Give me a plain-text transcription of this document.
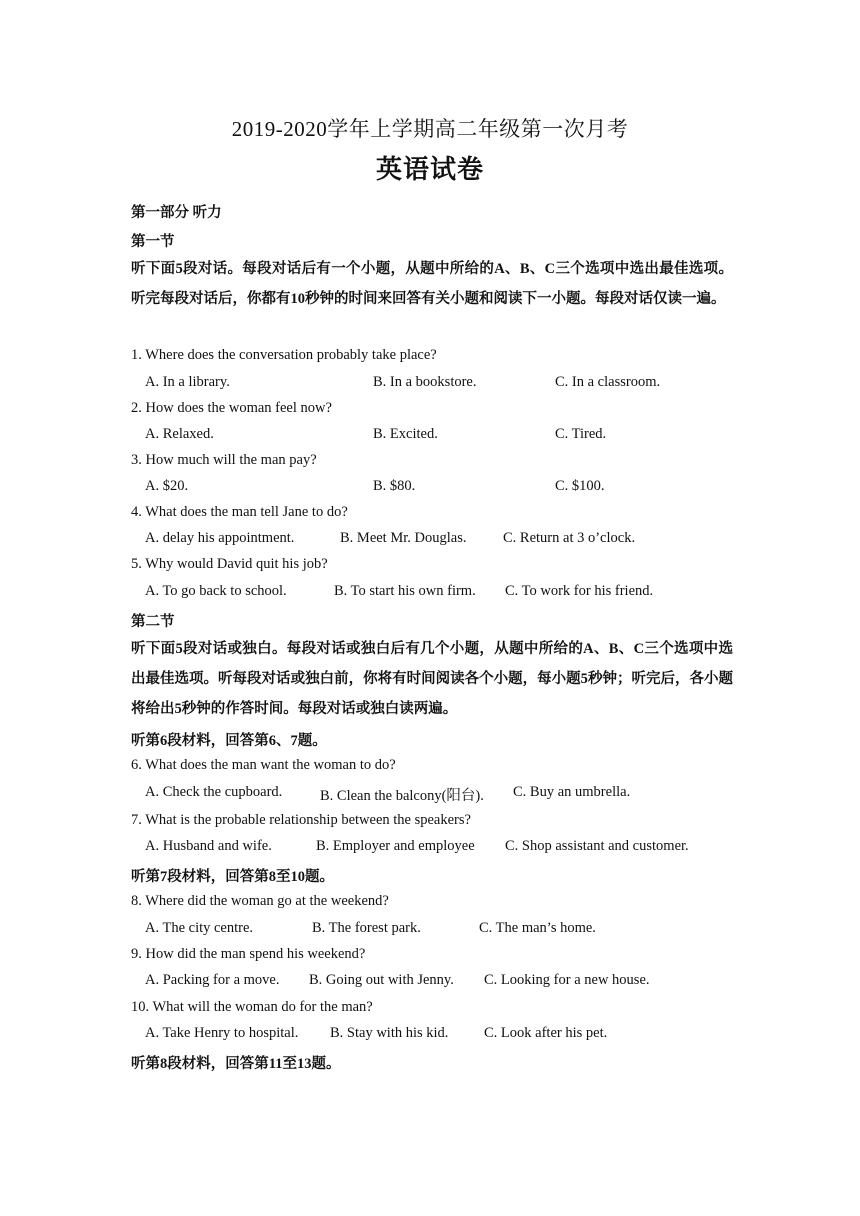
2019-2020学年上学期高二年级第一次月考
英语试卷
第一部分 听力
第一节
听下面5段对话。每段对话后有一个小题，从题中所给的A、B、C三个选项中选出最佳选项。听完每段对话后，你都有10秒钟的时间来回答有关小题和阅读下一小题。每段对话仅读一遍。
1. Where does the conversation probably take place?
A. In a library.	B. In a bookstore.	C. In a classroom.
2. How does the woman feel now?
A. Relaxed.	B. Excited.	C. Tired.
3. How much will the man pay?
A. $20.	B. $80.	C. $100.
4. What does the man tell Jane to do?
A. delay his appointment.	B. Meet Mr. Douglas.	C. Return at 3 o’clock.
5. Why would David quit his job?
A. To go back to school.	B. To start his own firm. C. To work for his friend.
第二节
听下面5段对话或独白。每段对话或独白后有几个小题，从题中所给的A、B、C三个选项中选出最佳选项。听每段对话或独白前，你将有时间阅读各个小题，每小题5秒钟；听完后，各小题将给出5秒钟的作答时间。每段对话或独白读两遍。
听第6段材料，回答第6、7题。
6. What does the man want the woman to do?
A. Check the cupboard.	B. Clean the balcony(阳台). C. Buy an umbrella.
7. What is the probable relationship between the speakers?
A. Husband and wife.	B. Employer and employee C. Shop assistant and customer.
听第7段材料，回答第8至10题。
8. Where did the woman go at the weekend?
A. The city centre.	B. The forest park.	C. The man’s home.
9. How did the man spend his weekend?
A. Packing for a move. B. Going out with Jenny. C. Looking for a new house.
10. What will the woman do for the man?
A. Take Henry to hospital. B. Stay with his kid. C. Look after his pet.
听第8段材料，回答第11至13题。
